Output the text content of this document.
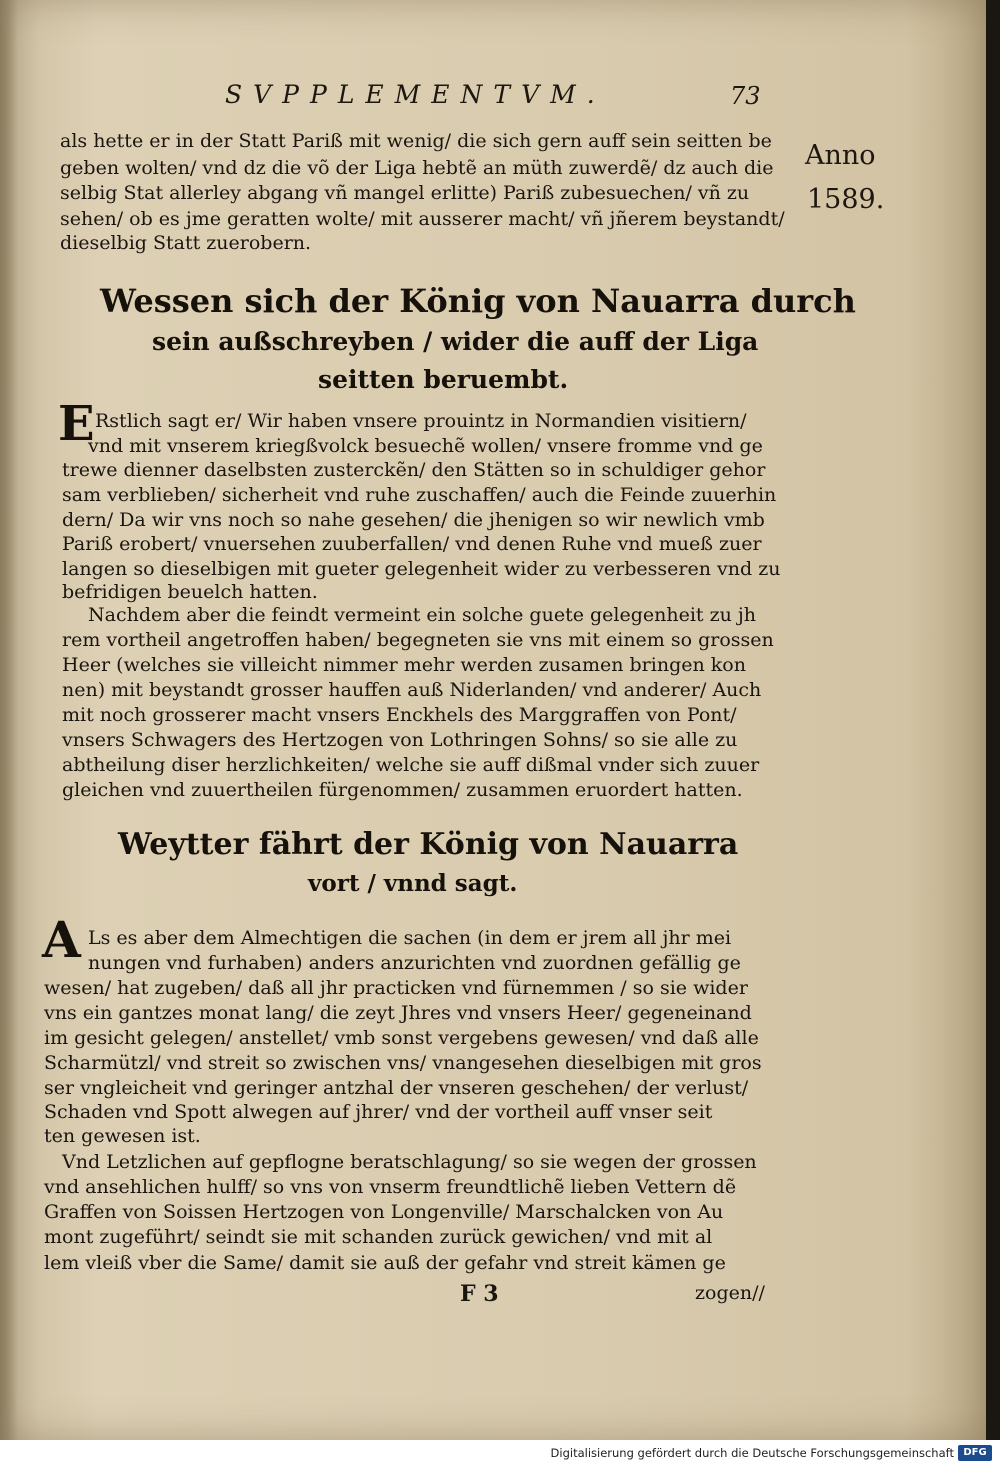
SVPPLEMENTVM.	73
Anno
1589.

als hette er in der Statt Pariß mit wenig/ die sich gern auff sein seitten be

geben wolten/ vnd dz die võ der Liga hebtẽ an müth zuwerdẽ/ dz auch die

selbig Stat allerley abgang vñ mangel erlitte) Pariß zubesuechen/ vñ zu

sehen/ ob es jme geratten wolte/ mit ausserer macht/ vñ jñerem beystandt/

dieselbig Statt zuerobern.

Wessen sich der König von Nauarra durch
sein außschreyben / wider die auff der Liga
seitten beruembt.
E Rstlich sagt er/ Wir haben vnsere prouintz in Normandien visitiern/

vnd mit vnserem kriegßvolck besuechẽ wollen/ vnsere fromme vnd ge

trewe dienner daselbsten zusterckẽn/ den Stätten so in schuldiger gehor

sam verblieben/ sicherheit vnd ruhe zuschaffen/ auch die Feinde zuuerhin

dern/ Da wir vns noch so nahe gesehen/ die jhenigen so wir newlich vmb

Pariß erobert/ vnuersehen zuuberfallen/ vnd denen Ruhe vnd mueß zuer

langen so dieselbigen mit gueter gelegenheit wider zu verbesseren vnd zu

befridigen beuelch hatten.

Nachdem aber die feindt vermeint ein solche guete gelegenheit zu jh

rem vortheil angetroffen haben/ begegneten sie vns mit einem so grossen

Heer (welches sie villeicht nimmer mehr werden zusamen bringen kon

nen) mit beystandt grosser hauffen auß Niderlanden/ vnd anderer/ Auch

mit noch grosserer macht vnsers Enckhels des Marggraffen von Pont/

vnsers Schwagers des Hertzogen von Lothringen Sohns/ so sie alle zu

abtheilung diser herzlichkeiten/ welche sie auff dißmal vnder sich zuuer

gleichen vnd zuuertheilen fürgenommen/ zusammen eruordert hatten.

Weytter fährt der König von Nauarra
vort / vnnd sagt.
A Ls es aber dem Almechtigen die sachen (in dem er jrem all jhr mei

nungen vnd furhaben) anders anzurichten vnd zuordnen gefällig ge

wesen/ hat zugeben/ daß all jhr practicken vnd fürnemmen / so sie wider

vns ein gantzes monat lang/ die zeyt Jhres vnd vnsers Heer/ gegeneinand

im gesicht gelegen/ anstellet/ vmb sonst vergebens gewesen/ vnd daß alle

Scharmützl/ vnd streit so zwischen vns/ vnangesehen dieselbigen mit gros

ser vngleicheit vnd geringer antzhal der vnseren geschehen/ der verlust/

Schaden vnd Spott alwegen auf jhrer/ vnd der vortheil auff vnser seit

ten gewesen ist.

Vnd Letzlichen auf gepflogne beratschlagung/ so sie wegen der grossen

vnd ansehlichen hulff/ so vns von vnserm freundtlichẽ lieben Vettern dẽ

Graffen von Soissen Hertzogen von Longenville/ Marschalcken von Au

mont zugeführt/ seindt sie mit schanden zurück gewichen/ vnd mit al

lem vleiß vber die Same/ damit sie auß der gefahr vnd streit kämen ge

F 3	zogen//

Digitalisierung gefördert durch die Deutsche Forschungsgemeinschaft DFG
